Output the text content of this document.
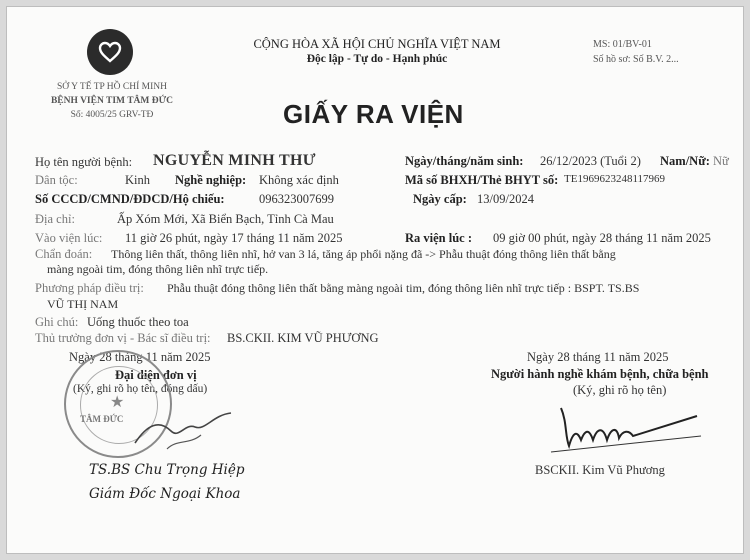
SỞ Y TẾ TP HỒ CHÍ MINH
BỆNH VIỆN TIM TÂM ĐỨC
Số: 4005/25 GRV-TĐ
CỘNG HÒA XÃ HỘI CHỦ NGHĨA VIỆT NAM
Độc lập - Tự do - Hạnh phúc
MS: 01/BV-01
Số hồ sơ: Số B.V. 2...
GIẤY RA VIỆN
Họ tên người bệnh: NGUYỄN MINH THƯ	Ngày/tháng/năm sinh: 26/12/2023 (Tuổi 2) Nam/Nữ: Nữ
Dân tộc:	Kinh Nghề nghiệp: Không xác định	Mã số BHXH/Thẻ BHYT số: TE1969623248117969
Số CCCD/CMND/ĐDCD/Hộ chiếu:	096323007699	Ngày cấp: 13/09/2024
Địa chỉ:	Ấp Xóm Mới, Xã Biển Bạch, Tỉnh Cà Mau
Vào viện lúc: 11 giờ 26 phút, ngày 17 tháng 11 năm 2025	Ra viện lúc : 09 giờ 00 phút, ngày 28 tháng 11 năm 2025
Chẩn đoán: Thông liên thất, thông liên nhĩ, hở van 3 lá, tăng áp phổi nặng đã -> Phẫu thuật đóng thông liên thất bằng
màng ngoài tim, đóng thông liên nhĩ trực tiếp.
Phương pháp điều trị: Phẫu thuật đóng thông liên thất bằng màng ngoài tim, đóng thông liên nhĩ trực tiếp : BSPT. TS.BS
VŨ THỊ NAM
Ghi chú: Uống thuốc theo toa
Thủ trưởng đơn vị - Bác sĩ điều trị: BS.CKII. KIM VŨ PHƯƠNG
Ngày 28 tháng 11 năm 2025
Đại diện đơn vị
(Ký, ghi rõ họ tên, đóng dấu)
★
TÂM ĐỨC
TS.BS Chu Trọng Hiệp
Giám Đốc Ngoại Khoa
Ngày 28 tháng 11 năm 2025
Người hành nghề khám bệnh, chữa bệnh
(Ký, ghi rõ họ tên)
BSCKII. Kim Vũ Phương
